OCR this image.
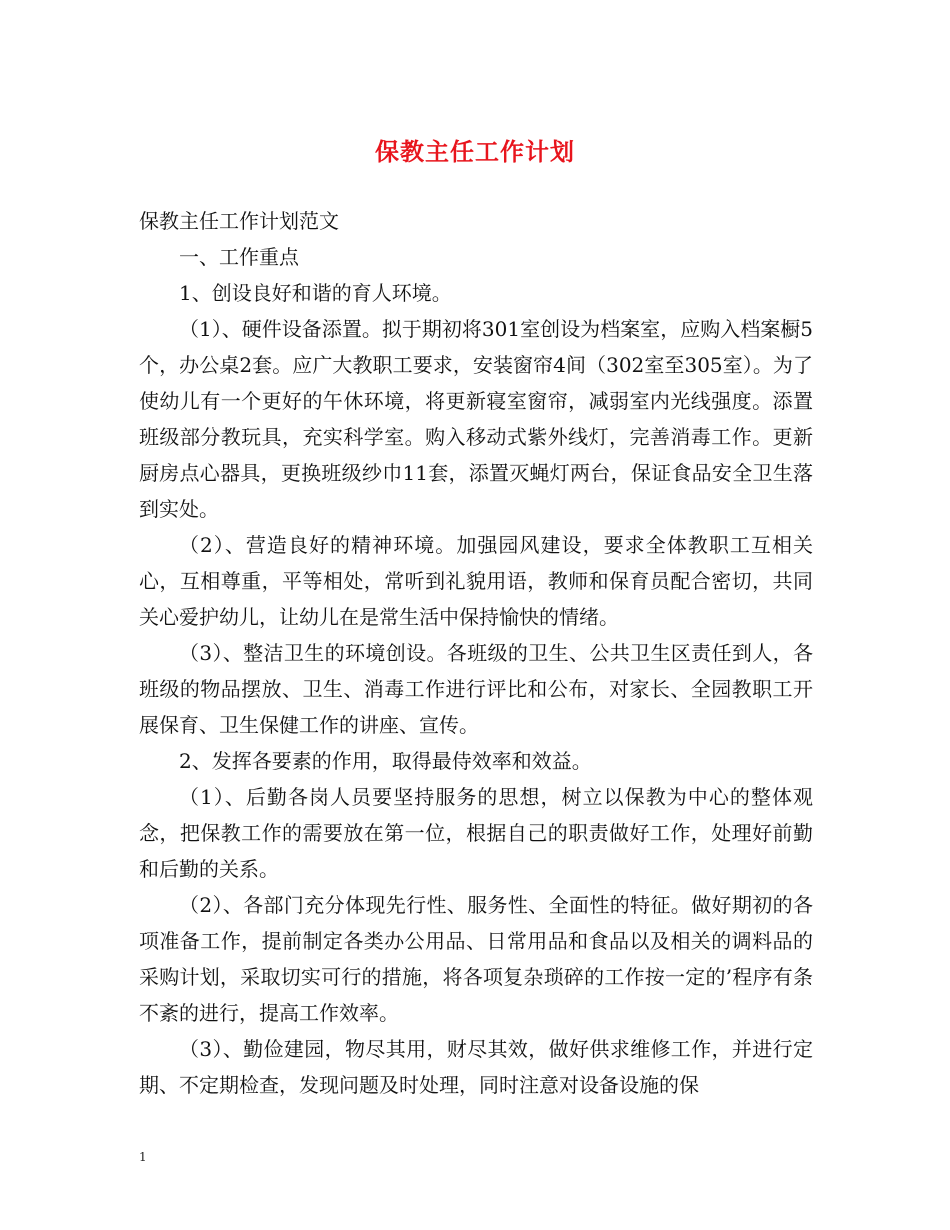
保教主任工作计划

保教主任工作计划范文

一、工作重点

1、创设良好和谐的育人环境。

（1）、硬件设备添置。拟于期初将301室创设为档案室，应购入档案橱5个，办公桌2套。应广大教职工要求，安装窗帘4间（302室至305室）。为了使幼儿有一个更好的午休环境，将更新寝室窗帘，减弱室内光线强度。添置班级部分教玩具，充实科学室。购入移动式紫外线灯，完善消毒工作。更新厨房点心器具，更换班级纱巾11套，添置灭蝇灯两台，保证食品安全卫生落到实处。

（2）、营造良好的精神环境。加强园风建设，要求全体教职工互相关心，互相尊重，平等相处，常听到礼貌用语，教师和保育员配合密切，共同关心爱护幼儿，让幼儿在是常生活中保持愉快的情绪。

（3）、整洁卫生的环境创设。各班级的卫生、公共卫生区责任到人，各班级的物品摆放、卫生、消毒工作进行评比和公布，对家长、全园教职工开展保育、卫生保健工作的讲座、宣传。

2、发挥各要素的作用，取得最侍效率和效益。

（1）、后勤各岗人员要坚持服务的思想，树立以保教为中心的整体观念，把保教工作的需要放在第一位，根据自己的职责做好工作，处理好前勤和后勤的关系。

（2）、各部门充分体现先行性、服务性、全面性的特征。做好期初的各项准备工作，提前制定各类办公用品、日常用品和食品以及相关的调料品的采购计划，采取切实可行的措施，将各项复杂琐碎的工作按一定的’程序有条不紊的进行，提高工作效率。

（3）、勤俭建园，物尽其用，财尽其效，做好供求维修工作，并进行定期、不定期检查，发现问题及时处理，同时注意对设备设施的保

1
